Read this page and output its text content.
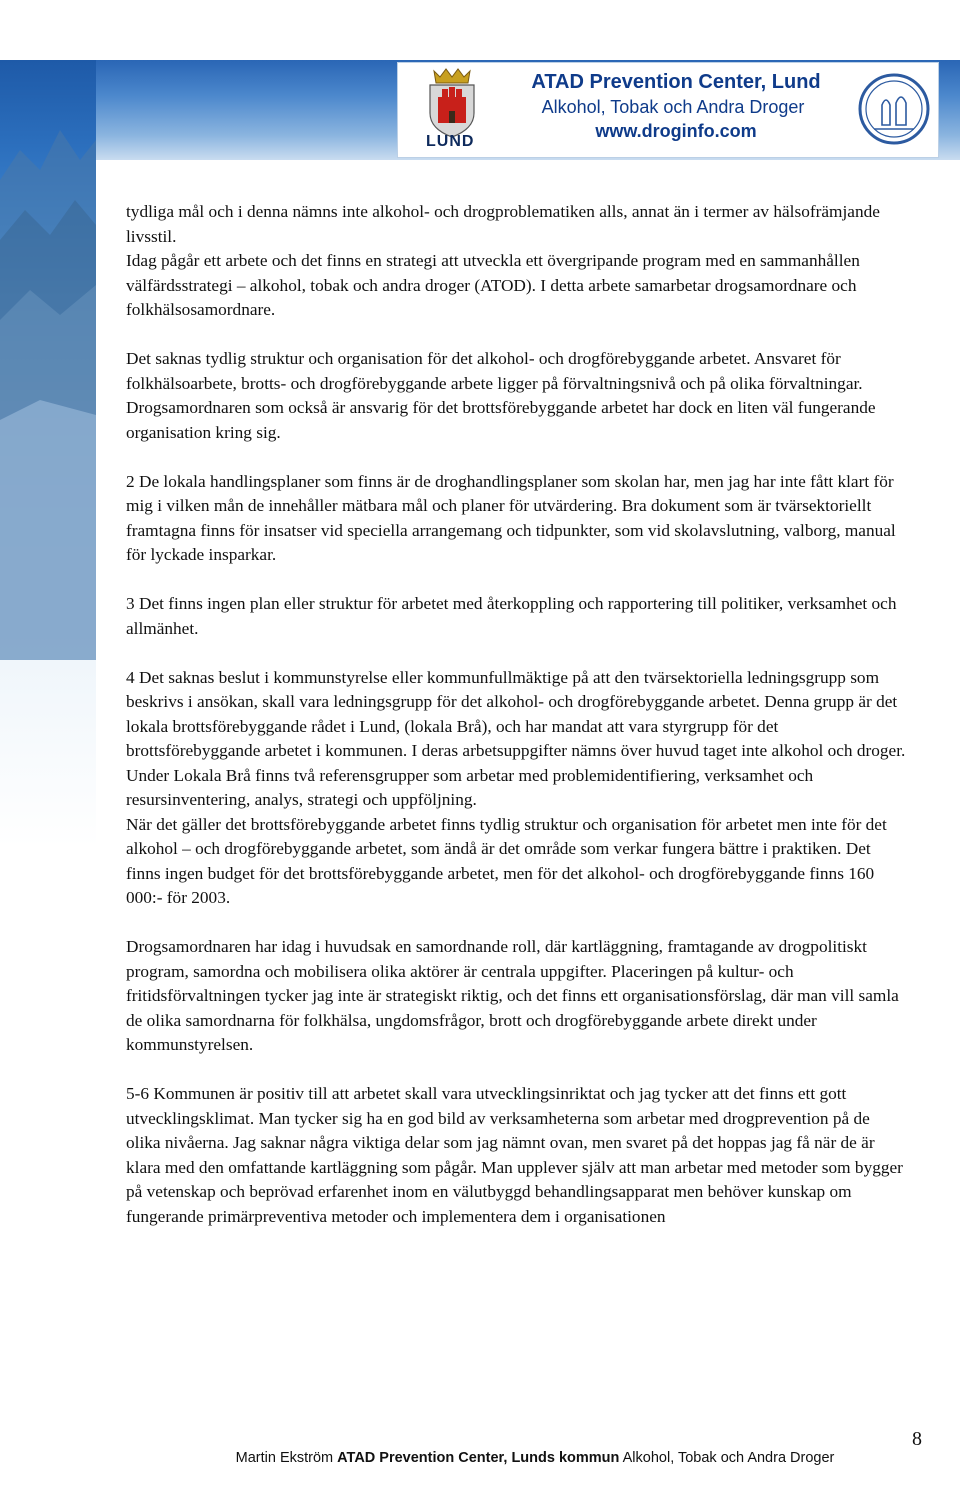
LUND
ATAD Prevention Center, Lund
Alkohol, Tobak och Andra Droger
www.droginfo.com

tydliga mål och i denna nämns inte alkohol- och drogproblematiken alls, annat än i termer av hälsofrämjande livsstil.

Idag pågår ett arbete och det finns en strategi att utveckla ett övergripande program med en sammanhållen välfärdsstrategi – alkohol, tobak och andra droger (ATOD). I detta arbete samarbetar drogsamordnare och folkhälsosamordnare.

Det saknas tydlig struktur och organisation för det alkohol- och drogförebyggande arbetet. Ansvaret för folkhälsoarbete, brotts- och drogförebyggande arbete ligger på förvaltningsnivå och på olika förvaltningar. Drogsamordnaren som också är ansvarig för det brottsförebyggande arbetet har dock en liten väl fungerande organisation kring sig.

2 De lokala handlingsplaner som finns är de droghandlingsplaner som skolan har, men jag har inte fått klart för mig i vilken mån de innehåller mätbara mål och planer för utvärdering. Bra dokument som är tvärsektoriellt framtagna finns för insatser vid speciella arrangemang och tidpunkter, som vid skolavslutning, valborg, manual för lyckade insparkar.

3 Det finns ingen plan eller struktur för arbetet med återkoppling och rapportering till politiker, verksamhet och allmänhet.

4 Det saknas beslut i kommunstyrelse eller kommunfullmäktige på att den tvärsektoriella ledningsgrupp som beskrivs i ansökan, skall vara ledningsgrupp för det alkohol- och drogförebyggande arbetet. Denna grupp är det lokala brottsförebyggande rådet i Lund, (lokala Brå), och har mandat att vara styrgrupp för det brottsförebyggande arbetet i kommunen. I deras arbetsuppgifter nämns över huvud taget inte alkohol och droger. Under Lokala Brå finns två referensgrupper som arbetar med problemidentifiering, verksamhet och resursinventering, analys, strategi och uppföljning.

När det gäller det brottsförebyggande arbetet finns tydlig struktur och organisation för arbetet men inte för det alkohol – och drogförebyggande arbetet, som ändå är det område som verkar fungera bättre i praktiken. Det finns ingen budget för det brottsförebyggande arbetet, men för det alkohol- och drogförebyggande finns 160 000:- för 2003.

Drogsamordnaren har idag i huvudsak en samordnande roll, där kartläggning, framtagande av drogpolitiskt program, samordna och mobilisera olika aktörer är centrala uppgifter. Placeringen på kultur- och fritidsförvaltningen tycker jag inte är strategiskt riktig, och det finns ett organisationsförslag, där man vill samla de olika samordnarna för folkhälsa, ungdomsfrågor, brott och drogförebyggande arbete direkt under kommunstyrelsen.

5-6 Kommunen är positiv till att arbetet skall vara utvecklingsinriktat och jag tycker att det finns ett gott utvecklingsklimat. Man tycker sig ha en god bild av verksamheterna som arbetar med drogprevention på de olika nivåerna. Jag saknar några viktiga delar som jag nämnt ovan, men svaret på det hoppas jag få när de är klara med den omfattande kartläggning som pågår. Man upplever själv att man arbetar med metoder som bygger på vetenskap och beprövad erfarenhet inom en välutbyggd behandlingsapparat men behöver kunskap om fungerande primärpreventiva metoder och implementera dem i organisationen

8
Martin Ekström ATAD Prevention Center, Lunds kommun Alkohol, Tobak och Andra Droger
